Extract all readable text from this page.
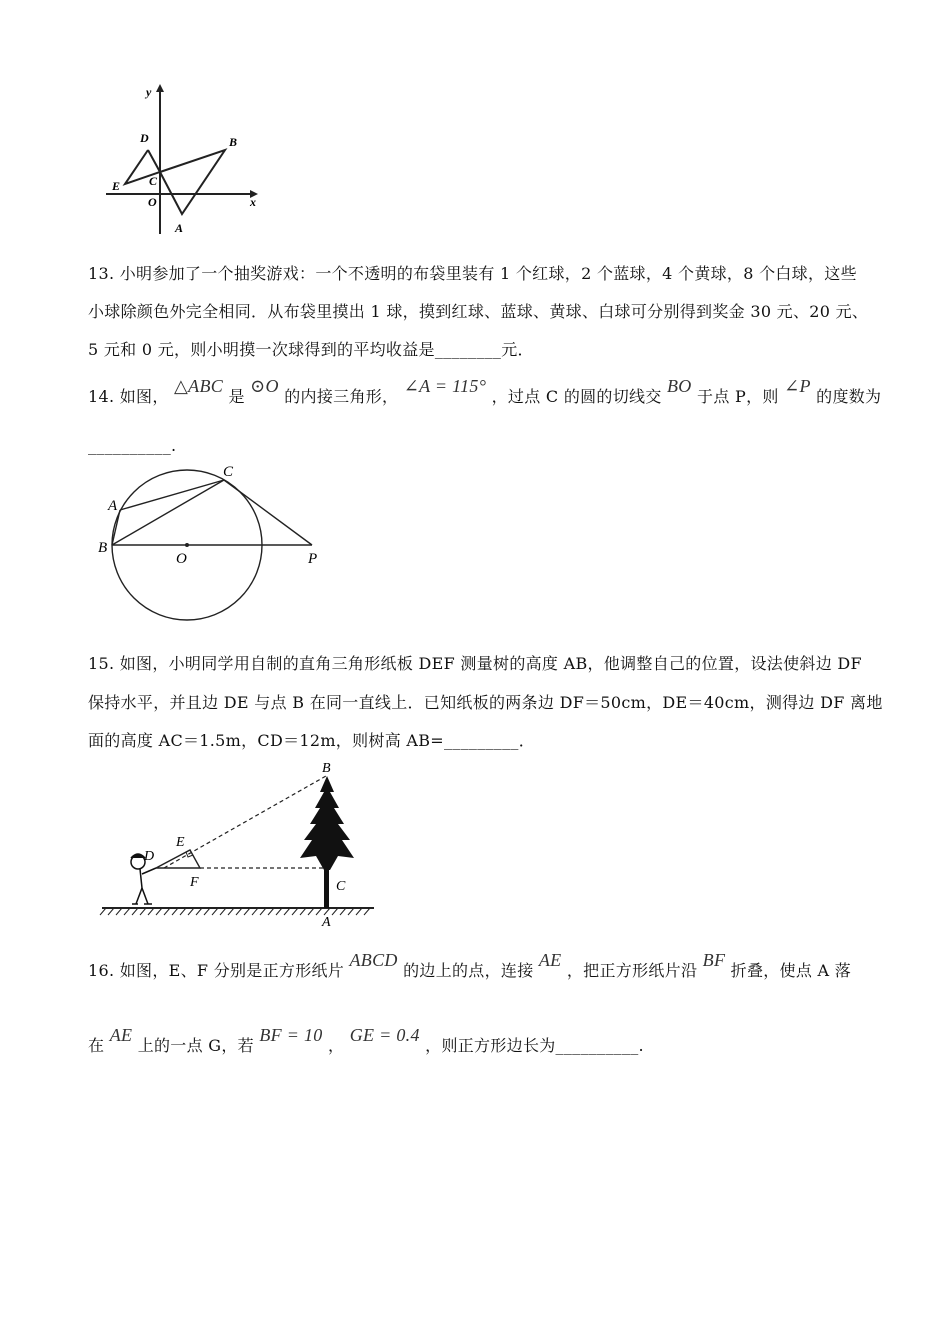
y
x
D	B
E C
O
A
13. 小明参加了一个抽奖游戏：一个不透明的布袋里装有 1 个红球，2 个蓝球，4 个黄球，8 个白球，这些
小球除颜色外完全相同．从布袋里摸出 1 球，摸到红球、蓝球、黄球、白球可分别得到奖金 30 元、20 元、
5 元和 0 元，则小明摸一次球得到的平均收益是________元．
14. 如图， △ABC 是 ⊙O 的内接三角形， ∠A = 115° ，过点 C 的圆的切线交 BO 于点 P，则 ∠P 的度数为
__________.
C
A
B
O	P
15. 如图，小明同学用自制的直角三角形纸板 DEF 测量树的高度 AB，他调整自己的位置，设法使斜边 DF
保持水平，并且边 DE 与点 B 在同一直线上．已知纸板的两条边 DF＝50cm，DE＝40cm，测得边 DF 离地
面的高度 AC＝1.5m，CD＝12m，则树高 AB=_________．
B
E
D
F	C
A
16. 如图，E、F 分别是正方形纸片 ABCD 的边上的点，连接 AE ，把正方形纸片沿 BF 折叠，使点 A 落
在 AE 上的一点 G，若 BF = 10 ， GE = 0.4 ，则正方形边长为__________.
